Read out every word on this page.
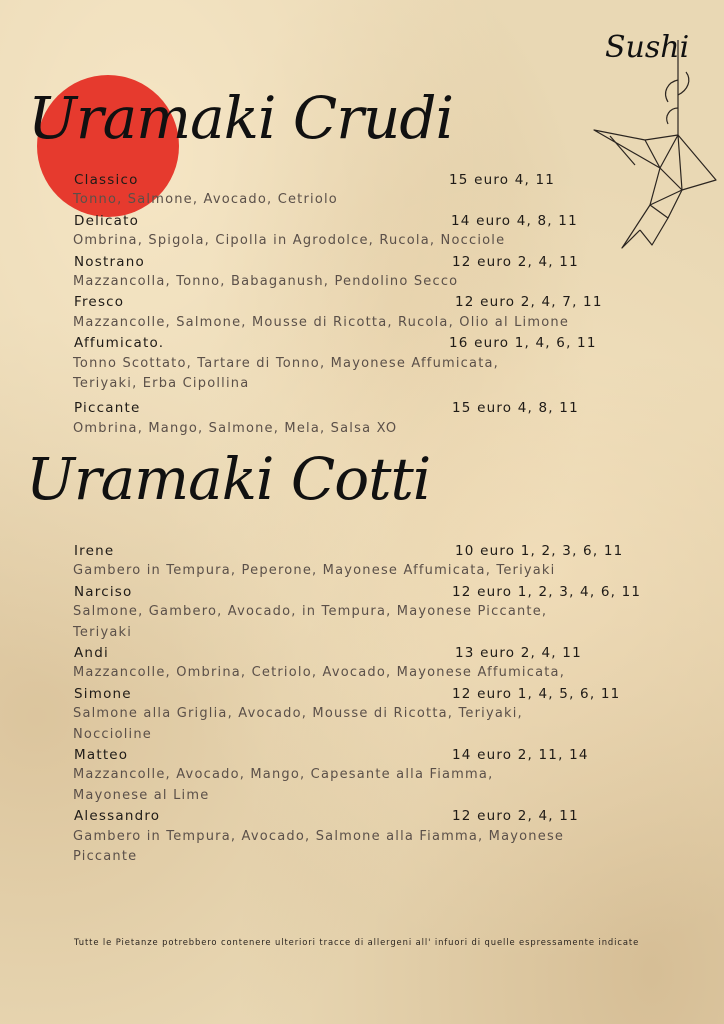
Uramaki Crudi
Uramaki Cotti
Sushi
Classico	15 euro 4, 11
Tonno, Salmone, Avocado, Cetriolo
Delicato	14 euro 4, 8, 11
Ombrina, Spigola, Cipolla in Agrodolce, Rucola, Nocciole
Nostrano	12 euro 2, 4, 11
Mazzancolla, Tonno, Babaganush, Pendolino Secco
Fresco	12 euro 2, 4, 7, 11
Mazzancolle, Salmone, Mousse di Ricotta, Rucola, Olio al Limone
Affumicato.	16 euro 1, 4, 6, 11
Tonno Scottato, Tartare di Tonno, Mayonese Affumicata,
Teriyaki, Erba Cipollina
Piccante	15 euro 4, 8, 11
Ombrina, Mango, Salmone, Mela, Salsa XO
Irene	10 euro 1, 2, 3, 6, 11
Gambero in Tempura, Peperone, Mayonese Affumicata, Teriyaki
Narciso	12 euro 1, 2, 3, 4, 6, 11
Salmone, Gambero, Avocado, in Tempura, Mayonese Piccante,
Teriyaki
Andi	13 euro 2, 4, 11
Mazzancolle, Ombrina, Cetriolo, Avocado, Mayonese Affumicata,
Simone	12 euro 1, 4, 5, 6, 11
Salmone alla Griglia, Avocado, Mousse di Ricotta, Teriyaki,
Noccioline
Matteo	14 euro 2, 11, 14
Mazzancolle, Avocado, Mango, Capesante alla Fiamma,
Mayonese al Lime
Alessandro	12 euro 2, 4, 11
Gambero in Tempura, Avocado, Salmone alla Fiamma, Mayonese
Piccante
Tutte le Pietanze potrebbero contenere ulteriori tracce di allergeni all' infuori di quelle espressamente indicate
